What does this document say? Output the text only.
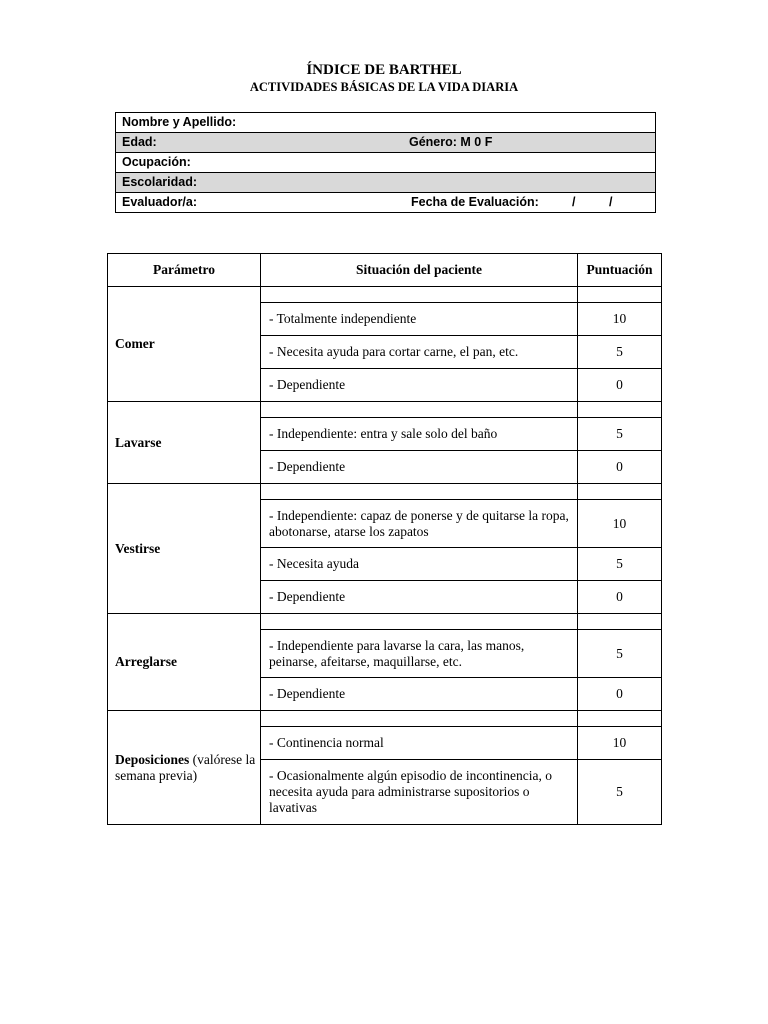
ÍNDICE DE BARTHEL
ACTIVIDADES BÁSICAS DE LA VIDA DIARIA
Nombre y Apellido:
Edad:	Género: M 0 F
Ocupación:
Escolaridad:
Evaluador/a:	Fecha de Evaluación:	/	/
Parámetro	Situación del paciente	Puntuación
Comer		
	- Totalmente independiente	10
	- Necesita ayuda para cortar carne, el pan, etc.	5
	- Dependiente	0
Lavarse		
	- Independiente: entra y sale solo del baño	5
	- Dependiente	0
Vestirse		
	- Independiente: capaz de ponerse y de quitarse la ropa, abotonarse, atarse los zapatos	10
	- Necesita ayuda	5
	- Dependiente	0
Arreglarse		
	- Independiente para lavarse la cara, las manos, peinarse, afeitarse, maquillarse, etc.	5
	- Dependiente	0
Deposiciones (valórese la semana previa)		
	- Continencia normal	10
	- Ocasionalmente algún episodio de incontinencia, o necesita ayuda para administrarse supositorios o lavativas	5
